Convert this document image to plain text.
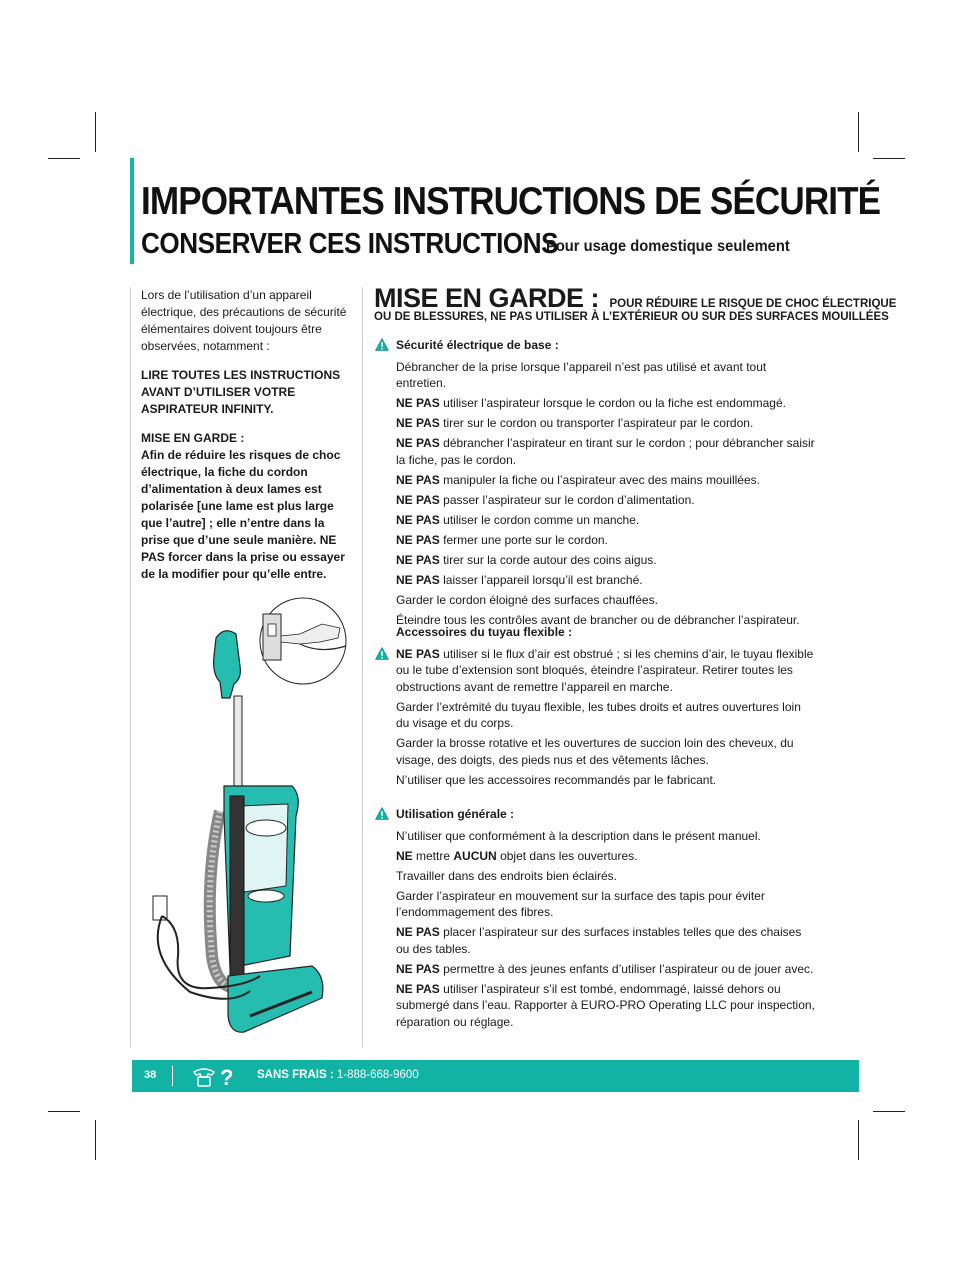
IMPORTANTES INSTRUCTIONS DE SÉCURITÉ
CONSERVER CES INSTRUCTIONS
Pour usage domestique seulement

Lors de l’utilisation d’un appareil électrique, des précautions de sécurité élémentaires doivent toujours être observées, notamment :

LIRE TOUTES LES INSTRUCTIONS AVANT D’UTILISER VOTRE ASPIRATEUR INFINITY.

MISE EN GARDE :

Afin de réduire les risques de choc électrique, la fiche du cordon d’alimentation à deux lames est polarisée [une lame est plus large que l’autre] ; elle n’entre dans la prise que d’une seule manière. NE PAS forcer dans la prise ou essayer de la modifier pour qu’elle entre.

MISE EN GARDE : POUR RÉDUIRE LE RISQUE DE CHOC ÉLECTRIQUE
OU DE BLESSURES, NE PAS UTILISER À L’EXTÉRIEUR OU SUR DES SURFACES MOUILLÉES
Sécurité électrique de base :
Débrancher de la prise lorsque l’appareil n’est pas utilisé et avant tout entretien.
NE PAS utiliser l’aspirateur lorsque le cordon ou la fiche est endommagé.
NE PAS tirer sur le cordon ou transporter l’aspirateur par le cordon.
NE PAS débrancher l’aspirateur en tirant sur le cordon ; pour débrancher saisir la fiche, pas le cordon.
NE PAS manipuler la fiche ou l’aspirateur avec des mains mouillées.
NE PAS passer l’aspirateur sur le cordon d’alimentation.
NE PAS utiliser le cordon comme un manche.
NE PAS fermer une porte sur le cordon.
NE PAS tirer sur la corde autour des coins aigus.
NE PAS laisser l’appareil lorsqu’il est branché.
Garder le cordon éloigné des surfaces chauffées.
Éteindre tous les contrôles avant de brancher ou de débrancher l’aspirateur.
Accessoires du tuyau flexible :
NE PAS utiliser si le flux d’air est obstrué ; si les chemins d’air, le tuyau flexible ou le tube d’extension sont bloqués, éteindre l’aspirateur. Retirer toutes les obstructions avant de remettre l’appareil en marche.
Garder l’extrémité du tuyau flexible, les tubes droits et autres ouvertures loin du visage et du corps.
Garder la brosse rotative et les ouvertures de succion loin des cheveux, du visage, des doigts, des pieds nus et des vêtements lâches.
N’utiliser que les accessoires recommandés par le fabricant.
Utilisation générale :
N’utiliser que conformément à la description dans le présent manuel.
NE mettre AUCUN objet dans les ouvertures.
Travailler dans des endroits bien éclairés.
Garder l’aspirateur en mouvement sur la surface des tapis pour éviter l’endommagement des fibres.
NE PAS placer l’aspirateur sur des surfaces instables telles que des chaises ou des tables.
NE PAS permettre à des jeunes enfants d’utiliser l’aspirateur ou de jouer avec.
NE PAS utiliser l’aspirateur s’il est tombé, endommagé, laissé dehors ou submergé dans l’eau. Rapporter à EURO-PRO Operating LLC pour inspection, réparation ou réglage.
38	? SANS FRAIS : 1-888-668-9600
